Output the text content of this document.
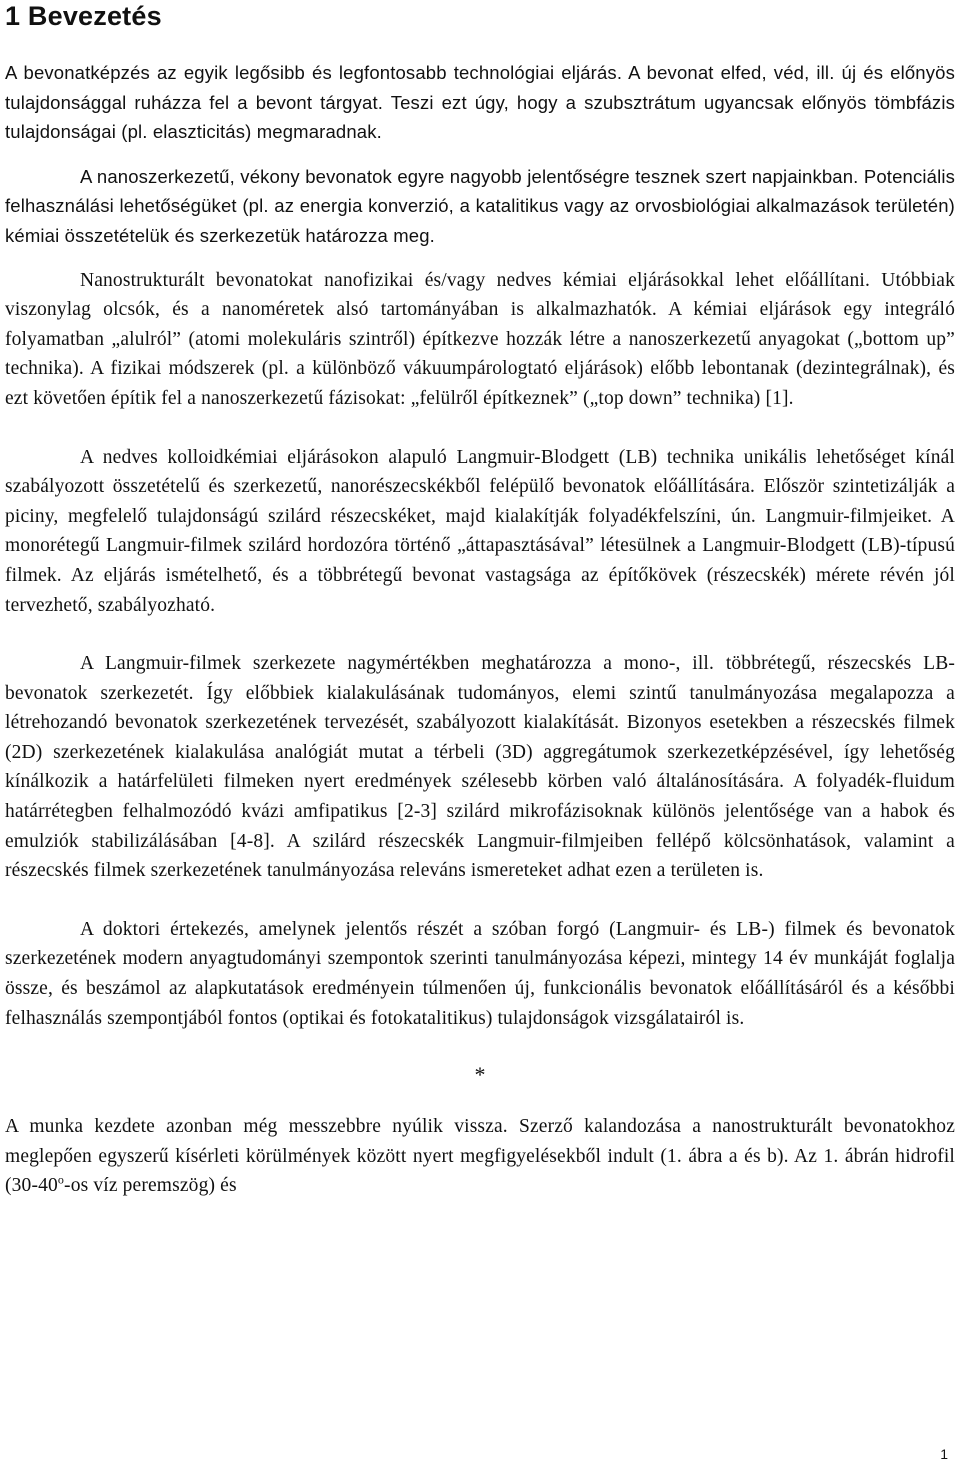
1 Bevezetés

A bevonatképzés az egyik legősibb és legfontosabb technológiai eljárás. A bevonat elfed, véd, ill. új és előnyös tulajdonsággal ruházza fel a bevont tárgyat. Teszi ezt úgy, hogy a szubsztrátum ugyancsak előnyös tömbfázis tulajdonságai (pl. elaszticitás) megmaradnak.

A nanoszerkezetű, vékony bevonatok egyre nagyobb jelentőségre tesznek szert napjainkban. Potenciális felhasználási lehetőségüket (pl. az energia konverzió, a katalitikus vagy az orvosbiológiai alkalmazások területén) kémiai összetételük és szerkezetük határozza meg.

Nanostrukturált bevonatokat nanofizikai és/vagy nedves kémiai eljárásokkal lehet előállítani. Utóbbiak viszonylag olcsók, és a nanoméretek alsó tartományában is alkalmazhatók. A kémiai eljárások egy integráló folyamatban „alulról” (atomi molekuláris szintről) építkezve hozzák létre a nanoszerkezetű anyagokat („bottom up” technika). A fizikai módszerek (pl. a különböző vákuumpárologtató eljárások) előbb lebontanak (dezintegrálnak), és ezt követően építik fel a nanoszerkezetű fázisokat: „felülről építkeznek” („top down” technika) [1].

A nedves kolloidkémiai eljárásokon alapuló Langmuir-Blodgett (LB) technika unikális lehetőséget kínál szabályozott összetételű és szerkezetű, nanorészecskékből felépülő bevonatok előállítására. Először szintetizálják a piciny, megfelelő tulajdonságú szilárd részecskéket, majd kialakítják folyadékfelszíni, ún. Langmuir-filmjeiket. A monorétegű Langmuir-filmek szilárd hordozóra történő „áttapasztásával” létesülnek a Langmuir-Blodgett (LB)-típusú filmek. Az eljárás ismételhető, és a többrétegű bevonat vastagsága az építőkövek (részecskék) mérete révén jól tervezhető, szabályozható.

A Langmuir-filmek szerkezete nagymértékben meghatározza a mono-, ill. többrétegű, részecskés LB-bevonatok szerkezetét. Így előbbiek kialakulásának tudományos, elemi szintű tanulmányozása megalapozza a létrehozandó bevonatok szerkezetének tervezését, szabályozott kialakítását. Bizonyos esetekben a részecskés filmek (2D) szerkezetének kialakulása analógiát mutat a térbeli (3D) aggregátumok szerkezetképzésével, így lehetőség kínálkozik a határfelületi filmeken nyert eredmények szélesebb körben való általánosítására. A folyadék-fluidum határrétegben felhalmozódó kvázi amfipatikus [2-3] szilárd mikrofázisoknak különös jelentősége van a habok és emulziók stabilizálásában [4-8]. A szilárd részecskék Langmuir-filmjeiben fellépő kölcsönhatások, valamint a részecskés filmek szerkezetének tanulmányozása releváns ismereteket adhat ezen a területen is.

A doktori értekezés, amelynek jelentős részét a szóban forgó (Langmuir- és LB-) filmek és bevonatok szerkezetének modern anyagtudományi szempontok szerinti tanulmányozása képezi, mintegy 14 év munkáját foglalja össze, és beszámol az alapkutatások eredményein túlmenően új, funkcionális bevonatok előállításáról és a későbbi felhasználás szempontjából fontos (optikai és fotokatalitikus) tulajdonságok vizsgálatairól is.

*

A munka kezdete azonban még messzebbre nyúlik vissza. Szerző kalandozása a nanostrukturált bevonatokhoz meglepően egyszerű kísérleti körülmények között nyert megfigyelésekből indult (1. ábra a és b). Az 1. ábrán hidrofil (30-40$^o$-os víz peremszög) és

1
